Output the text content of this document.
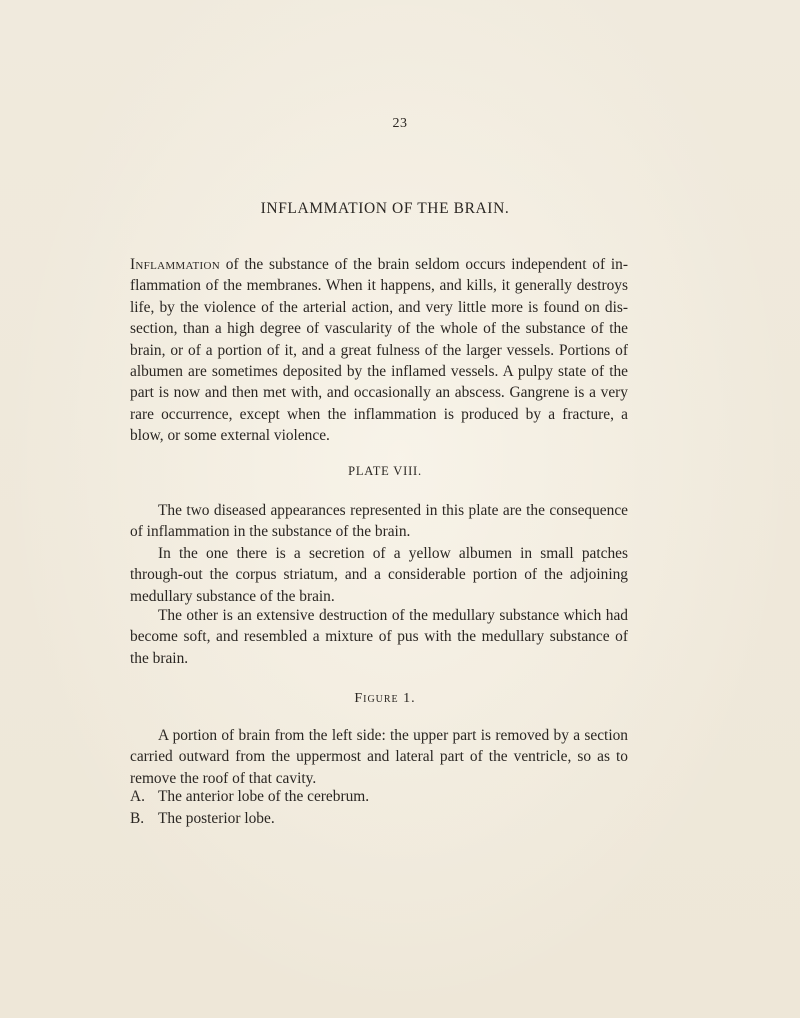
23
INFLAMMATION OF THE BRAIN.

Inflammation of the substance of the brain seldom occurs independent of in-flammation of the membranes. When it happens, and kills, it generally destroys life, by the violence of the arterial action, and very little more is found on dis-section, than a high degree of vascularity of the whole of the substance of the brain, or of a portion of it, and a great fulness of the larger vessels. Portions of albumen are sometimes deposited by the inflamed vessels. A pulpy state of the part is now and then met with, and occasionally an abscess. Gangrene is a very rare occurrence, except when the inflammation is produced by a fracture, a blow, or some external violence.

PLATE VIII.

The two diseased appearances represented in this plate are the consequence of inflammation in the substance of the brain.

In the one there is a secretion of a yellow albumen in small patches through-out the corpus striatum, and a considerable portion of the adjoining medullary substance of the brain.

The other is an extensive destruction of the medullary substance which had become soft, and resembled a mixture of pus with the medullary substance of the brain.

Figure 1.

A portion of brain from the left side: the upper part is removed by a section carried outward from the uppermost and lateral part of the ventricle, so as to remove the roof of that cavity.

A. The anterior lobe of the cerebrum.
B. The posterior lobe.
